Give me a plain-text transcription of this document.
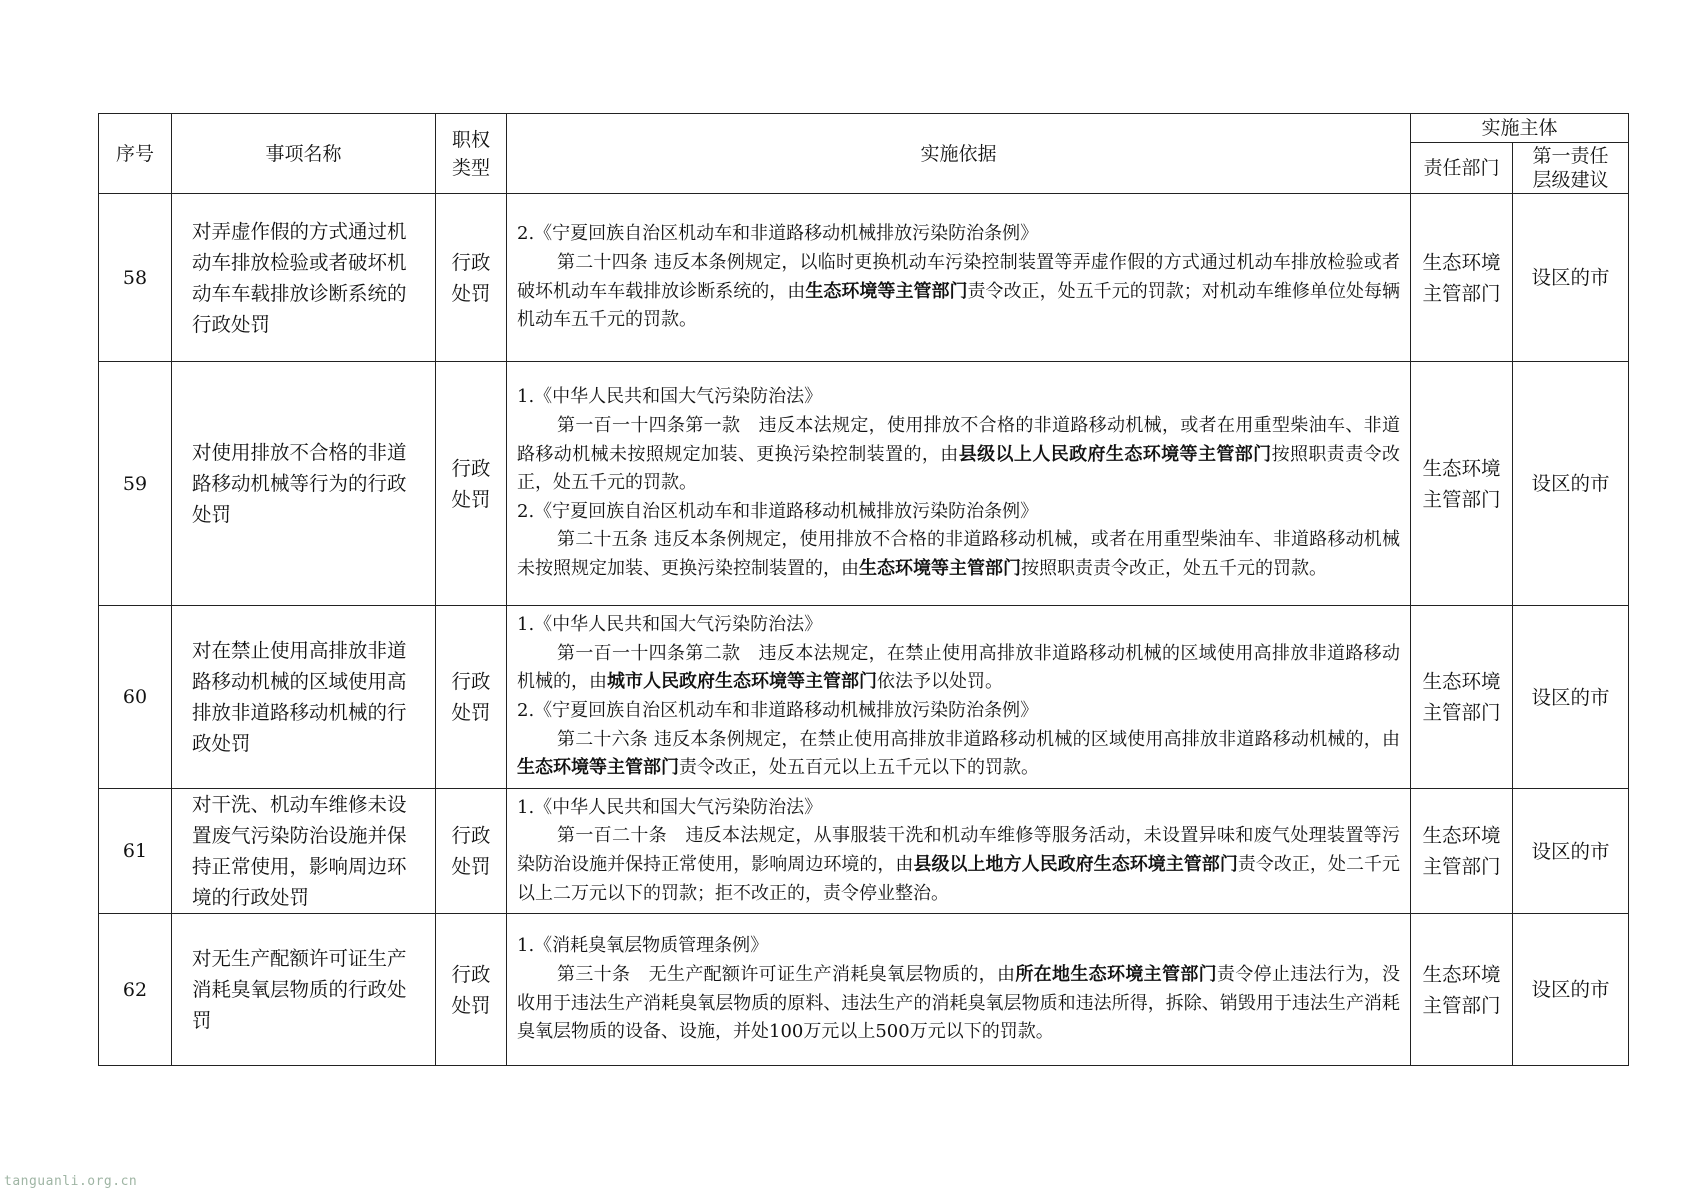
序号	事项名称	职权类型	实施依据	实施主体	
				责任部门	第一责任层级建议
58	对弄虚作假的方式通过机动车排放检验或者破坏机动车车载排放诊断系统的行政处罚	行政处罚	2.《宁夏回族自治区机动车和非道路移动机械排放污染防治条例》
第二十四条 违反本条例规定，以临时更换机动车污染控制装置等弄虚作假的方式通过机动车排放检验或者破坏机动车车载排放诊断系统的，由生态环境等主管部门责令改正，处五千元的罚款；对机动车维修单位处每辆机动车五千元的罚款。	生态环境主管部门	设区的市
59	对使用排放不合格的非道路移动机械等行为的行政处罚	行政处罚	1.《中华人民共和国大气污染防治法》
第一百一十四条第一款　违反本法规定，使用排放不合格的非道路移动机械，或者在用重型柴油车、非道路移动机械未按照规定加装、更换污染控制装置的，由县级以上人民政府生态环境等主管部门按照职责责令改正，处五千元的罚款。
2.《宁夏回族自治区机动车和非道路移动机械排放污染防治条例》
第二十五条 违反本条例规定，使用排放不合格的非道路移动机械，或者在用重型柴油车、非道路移动机械未按照规定加装、更换污染控制装置的，由生态环境等主管部门按照职责责令改正，处五千元的罚款。	生态环境主管部门	设区的市
60	对在禁止使用高排放非道路移动机械的区域使用高排放非道路移动机械的行政处罚	行政处罚	1.《中华人民共和国大气污染防治法》
第一百一十四条第二款　违反本法规定，在禁止使用高排放非道路移动机械的区域使用高排放非道路移动机械的，由城市人民政府生态环境等主管部门依法予以处罚。
2.《宁夏回族自治区机动车和非道路移动机械排放污染防治条例》
第二十六条 违反本条例规定，在禁止使用高排放非道路移动机械的区域使用高排放非道路移动机械的，由生态环境等主管部门责令改正，处五百元以上五千元以下的罚款。	生态环境主管部门	设区的市
61	对干洗、机动车维修未设置废气污染防治设施并保持正常使用，影响周边环境的行政处罚	行政处罚	1.《中华人民共和国大气污染防治法》
第一百二十条　违反本法规定，从事服装干洗和机动车维修等服务活动，未设置异味和废气处理装置等污染防治设施并保持正常使用，影响周边环境的，由县级以上地方人民政府生态环境主管部门责令改正，处二千元以上二万元以下的罚款；拒不改正的，责令停业整治。	生态环境主管部门	设区的市
62	对无生产配额许可证生产消耗臭氧层物质的行政处罚	行政处罚	1.《消耗臭氧层物质管理条例》
第三十条　无生产配额许可证生产消耗臭氧层物质的，由所在地生态环境主管部门责令停止违法行为，没收用于违法生产消耗臭氧层物质的原料、违法生产的消耗臭氧层物质和违法所得，拆除、销毁用于违法生产消耗臭氧层物质的设备、设施，并处100万元以上500万元以下的罚款。	生态环境主管部门	设区的市
tanguanli.org.cn
